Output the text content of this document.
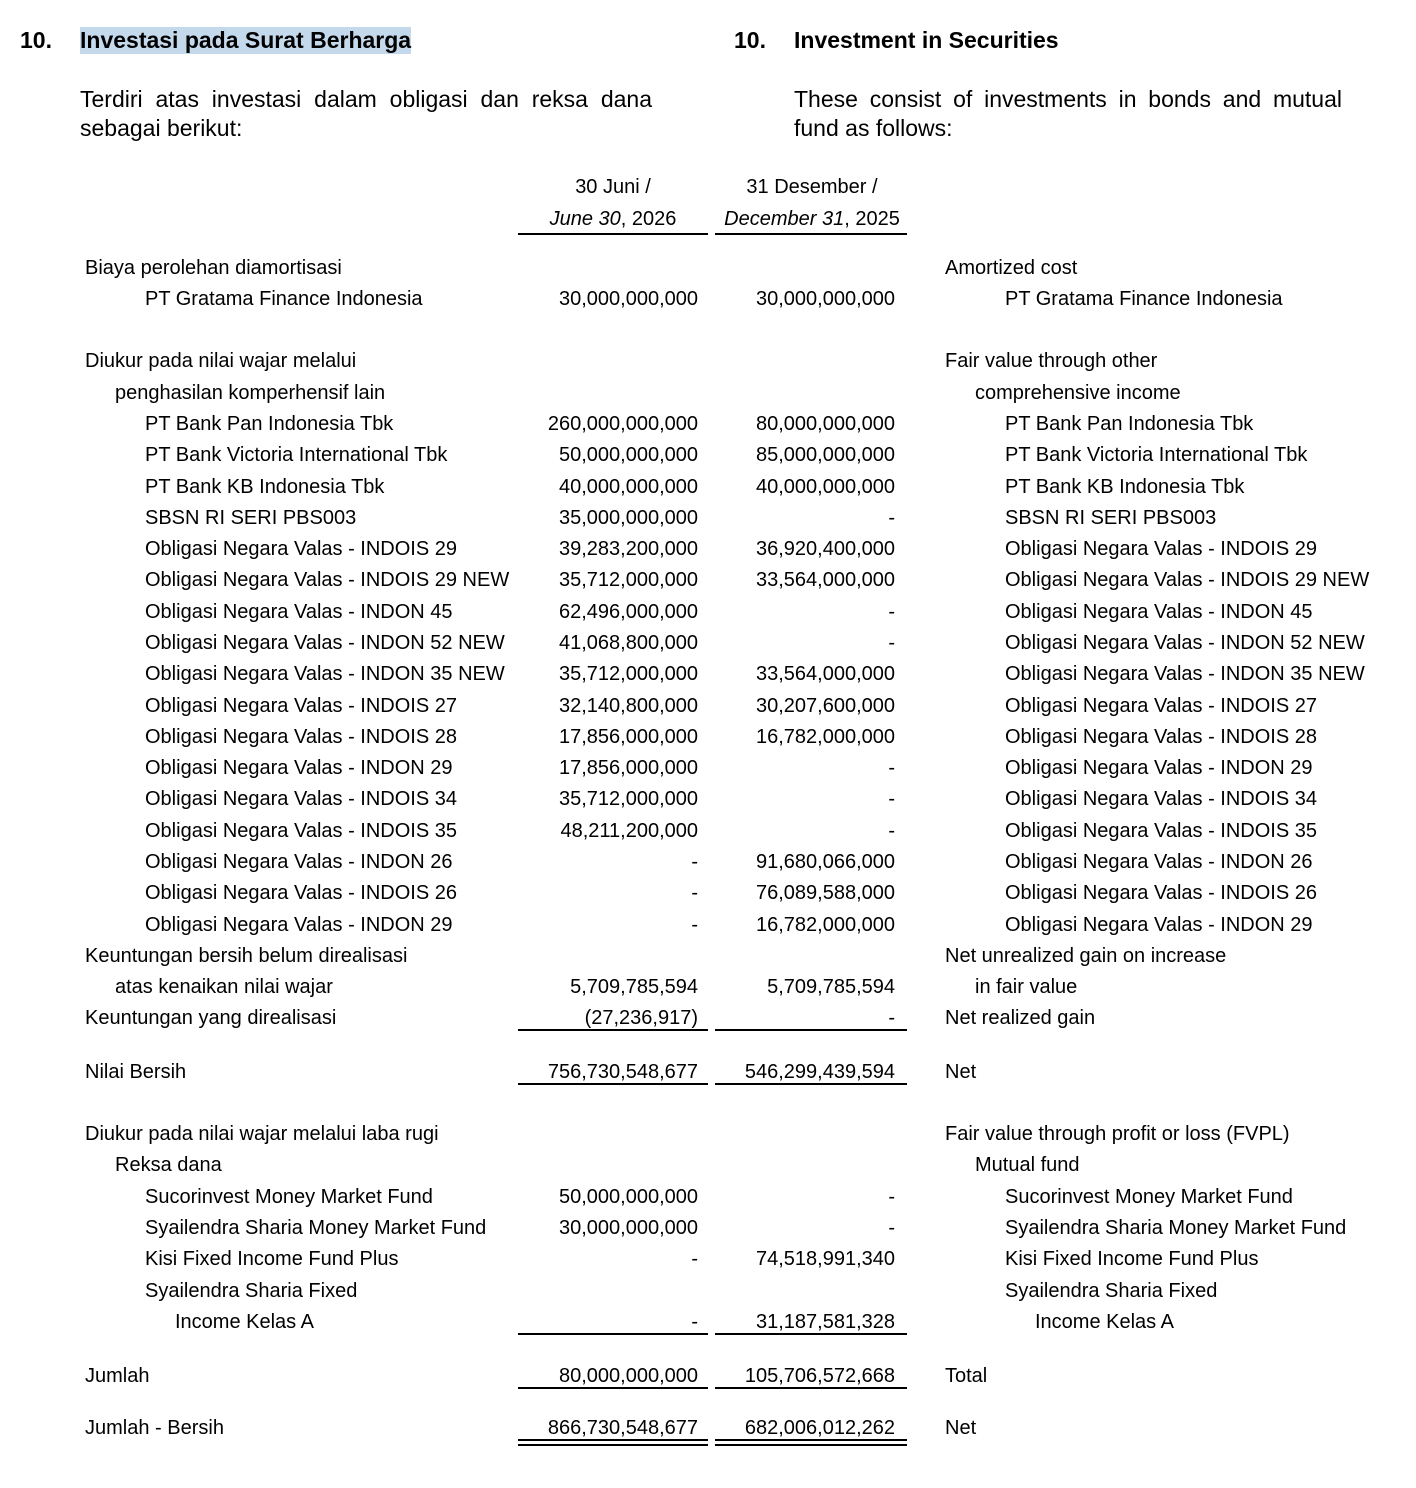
10. Investasi pada Surat Berharga	10. Investment in Securities
Terdiri atas investasi dalam obligasi dan reksa dana sebagai berikut:
These consist of investments in bonds and mutual fund as follows:
30 Juni /
June 30, 2026
31 Desember /
December 31, 2025
Biaya perolehan diamortisasi	Amortized cost
PT Gratama Finance Indonesia	30,000,000,000	30,000,000,000	PT Gratama Finance Indonesia
Diukur pada nilai wajar melalui	Fair value through other
penghasilan komperhensif lain	comprehensive income
PT Bank Pan Indonesia Tbk	260,000,000,000	80,000,000,000	PT Bank Pan Indonesia Tbk
PT Bank Victoria International Tbk	50,000,000,000	85,000,000,000	PT Bank Victoria International Tbk
PT Bank KB Indonesia Tbk	40,000,000,000	40,000,000,000	PT Bank KB Indonesia Tbk
SBSN RI SERI PBS003	35,000,000,000	-	SBSN RI SERI PBS003
Obligasi Negara Valas - INDOIS 29	39,283,200,000	36,920,400,000	Obligasi Negara Valas - INDOIS 29
Obligasi Negara Valas - INDOIS 29 NEW	35,712,000,000	33,564,000,000	Obligasi Negara Valas - INDOIS 29 NEW
Obligasi Negara Valas - INDON 45	62,496,000,000	-	Obligasi Negara Valas - INDON 45
Obligasi Negara Valas - INDON 52 NEW	41,068,800,000	-	Obligasi Negara Valas - INDON 52 NEW
Obligasi Negara Valas - INDON 35 NEW	35,712,000,000	33,564,000,000	Obligasi Negara Valas - INDON 35 NEW
Obligasi Negara Valas - INDOIS 27	32,140,800,000	30,207,600,000	Obligasi Negara Valas - INDOIS 27
Obligasi Negara Valas - INDOIS 28	17,856,000,000	16,782,000,000	Obligasi Negara Valas - INDOIS 28
Obligasi Negara Valas - INDON 29	17,856,000,000	-	Obligasi Negara Valas - INDON 29
Obligasi Negara Valas - INDOIS 34	35,712,000,000	-	Obligasi Negara Valas - INDOIS 34
Obligasi Negara Valas - INDOIS 35	48,211,200,000	-	Obligasi Negara Valas - INDOIS 35
Obligasi Negara Valas - INDON 26	-	91,680,066,000	Obligasi Negara Valas - INDON 26
Obligasi Negara Valas - INDOIS 26	-	76,089,588,000	Obligasi Negara Valas - INDOIS 26
Obligasi Negara Valas - INDON 29	-	16,782,000,000	Obligasi Negara Valas - INDON 29
Keuntungan bersih belum direalisasi	Net unrealized gain on increase
atas kenaikan nilai wajar	5,709,785,594	5,709,785,594	in fair value
Keuntungan yang direalisasi	(27,236,917)	-	Net realized gain
Nilai Bersih	756,730,548,677	546,299,439,594	Net
Diukur pada nilai wajar melalui laba rugi	Fair value through profit or loss (FVPL)
Reksa dana	Mutual fund
Sucorinvest Money Market Fund	50,000,000,000	-	Sucorinvest Money Market Fund
Syailendra Sharia Money Market Fund	30,000,000,000	-	Syailendra Sharia Money Market Fund
Kisi Fixed Income Fund Plus	-	74,518,991,340	Kisi Fixed Income Fund Plus
Syailendra Sharia Fixed	Syailendra Sharia Fixed
Income Kelas A	-	31,187,581,328	Income Kelas A
Jumlah	80,000,000,000	105,706,572,668	Total
Jumlah - Bersih	866,730,548,677	682,006,012,262	Net
